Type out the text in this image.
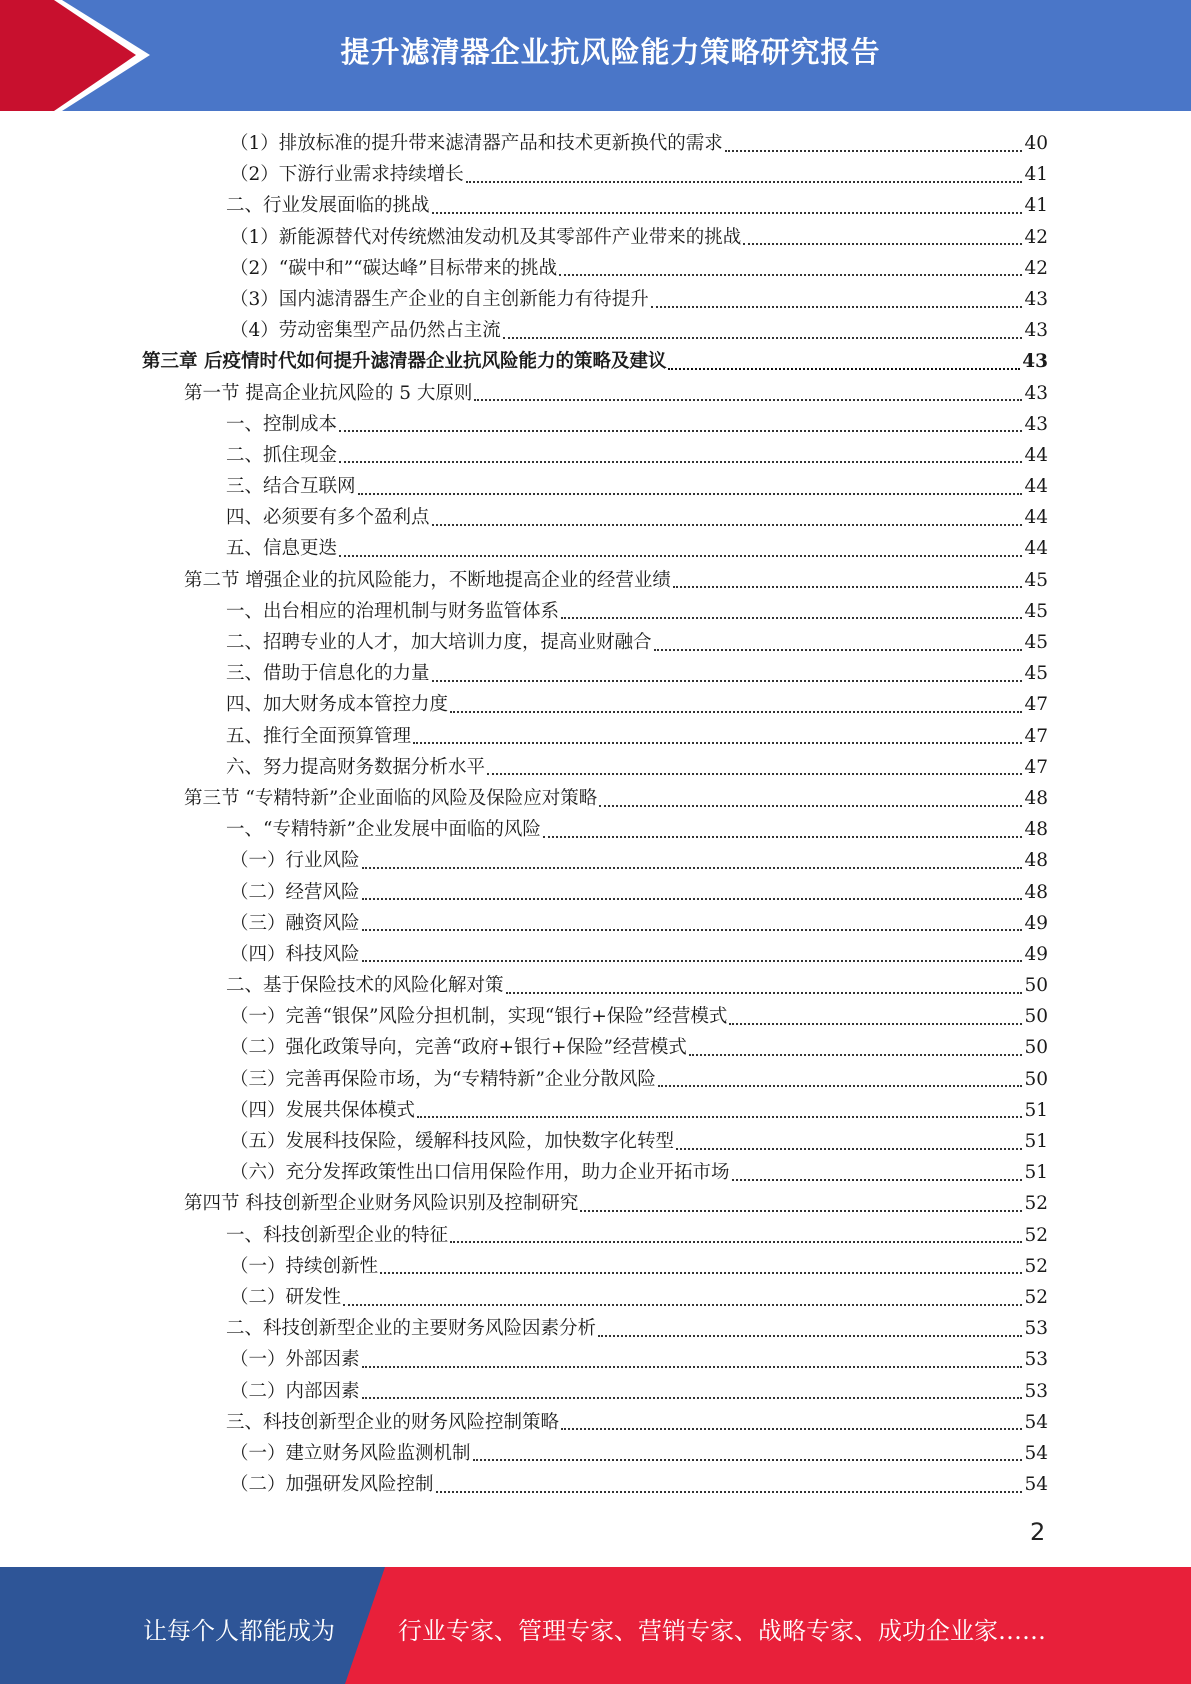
提升滤清器企业抗风险能力策略研究报告
（1）排放标准的提升带来滤清器产品和技术更新换代的需求	40
（2）下游行业需求持续增长	41
二、行业发展面临的挑战	41
（1）新能源替代对传统燃油发动机及其零部件产业带来的挑战	42
（2）“碳中和”“碳达峰”目标带来的挑战	42
（3）国内滤清器生产企业的自主创新能力有待提升	43
（4）劳动密集型产品仍然占主流	43
第三章 后疫情时代如何提升滤清器企业抗风险能力的策略及建议	43
第一节 提高企业抗风险的 5 大原则	43
一、控制成本	43
二、抓住现金	44
三、结合互联网	44
四、必须要有多个盈利点	44
五、信息更迭	44
第二节 增强企业的抗风险能力，不断地提高企业的经营业绩	45
一、出台相应的治理机制与财务监管体系	45
二、招聘专业的人才，加大培训力度，提高业财融合	45
三、借助于信息化的力量	45
四、加大财务成本管控力度	47
五、推行全面预算管理	47
六、努力提高财务数据分析水平	47
第三节 “专精特新”企业面临的风险及保险应对策略	48
一、“专精特新”企业发展中面临的风险	48
（一）行业风险	48
（二）经营风险	48
（三）融资风险	49
（四）科技风险	49
二、基于保险技术的风险化解对策	50
（一）完善“银保”风险分担机制，实现“银行+保险”经营模式	50
（二）强化政策导向，完善“政府+银行+保险”经营模式	50
（三）完善再保险市场，为“专精特新”企业分散风险	50
（四）发展共保体模式	51
（五）发展科技保险，缓解科技风险，加快数字化转型	51
（六）充分发挥政策性出口信用保险作用，助力企业开拓市场	51
第四节 科技创新型企业财务风险识别及控制研究	52
一、科技创新型企业的特征	52
（一）持续创新性	52
（二）研发性	52
二、科技创新型企业的主要财务风险因素分析	53
（一）外部因素	53
（二）内部因素	53
三、科技创新型企业的财务风险控制策略	54
（一）建立财务风险监测机制	54
（二）加强研发风险控制	54
2
让每个人都能成为	行业专家、管理专家、营销专家、战略专家、成功企业家……
